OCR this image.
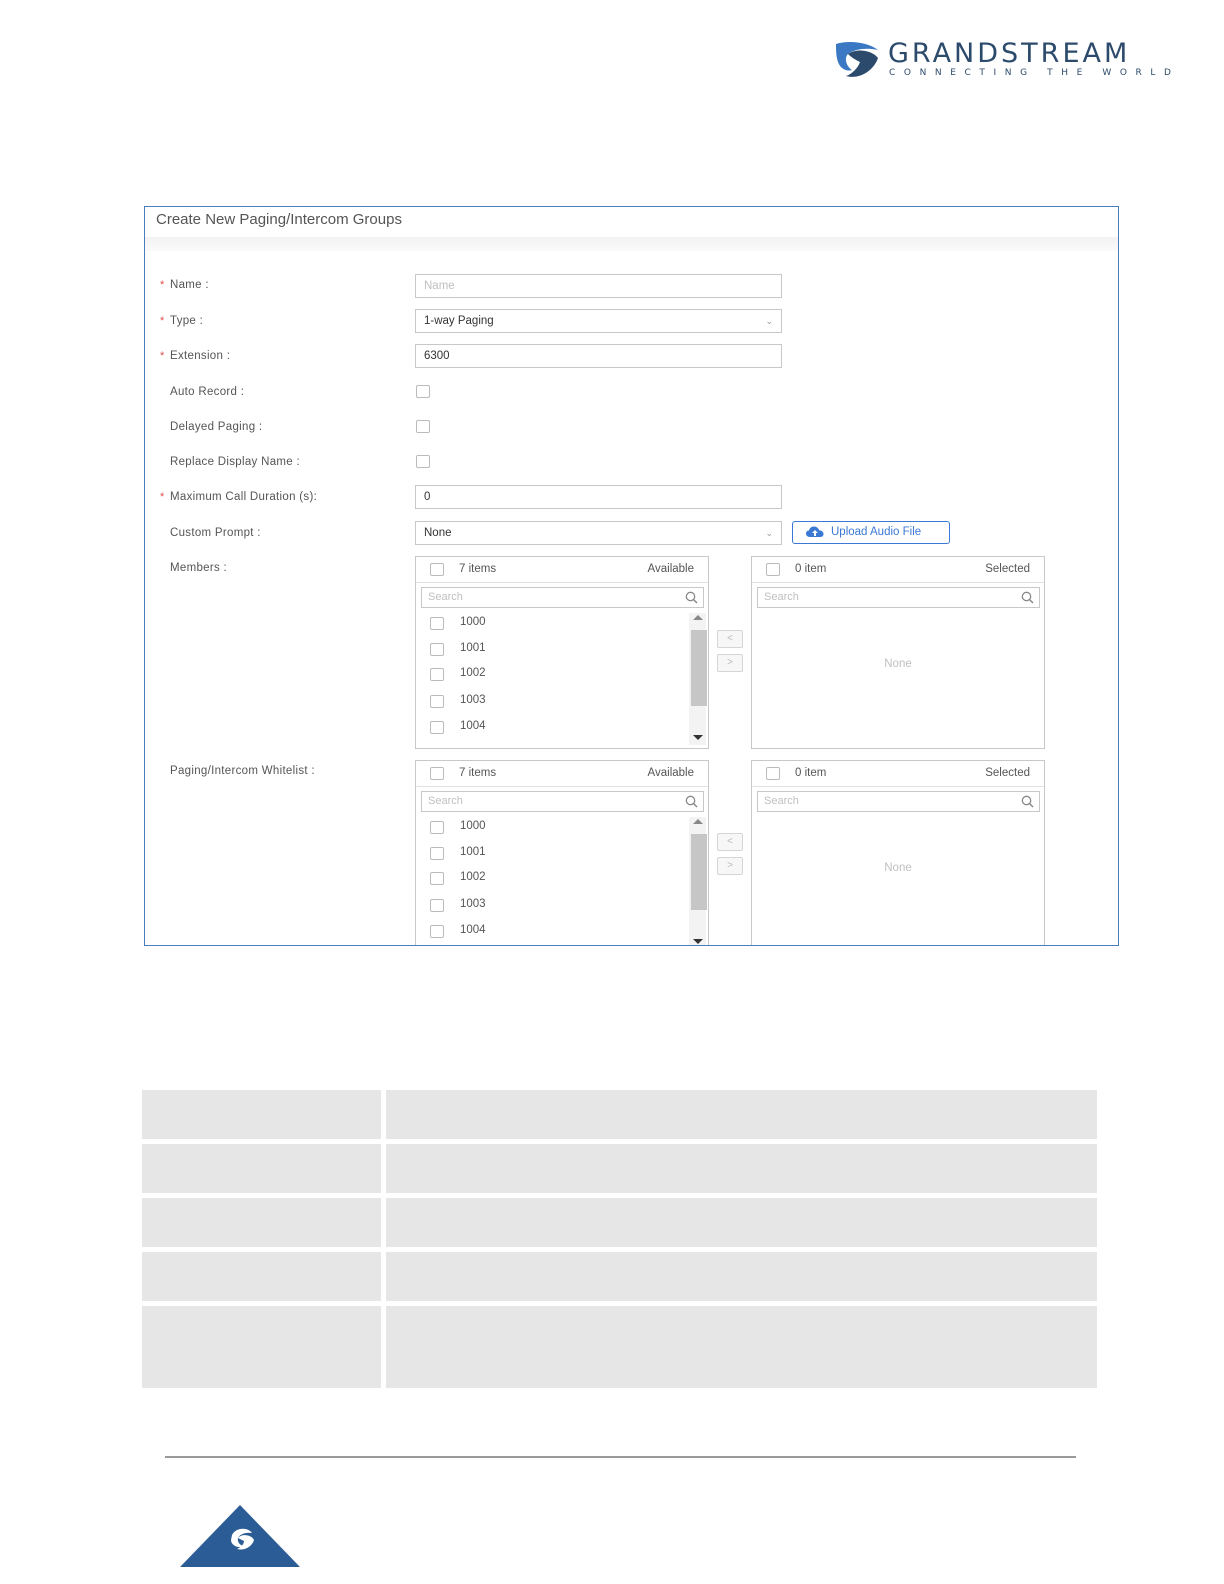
GRANDSTREAM
CONNECTING THE WORLD
Create New Paging/Intercom Groups
* Name :	Name
* Type :	1-way Paging	⌄
* Extension :	6300
Auto Record :
Delayed Paging :
Replace Display Name :
* Maximum Call Duration (s):	0
Custom Prompt :	None	⌄	Upload Audio File
Members :	7 items	Available
Search
1000
1001
1002
1003
1004
<
>
0 item	Selected
Search
None
Paging/Intercom Whitelist :	7 items	Available
Search
1000
1001
1002
1003
1004
<
>
0 item	Selected
Search
None
